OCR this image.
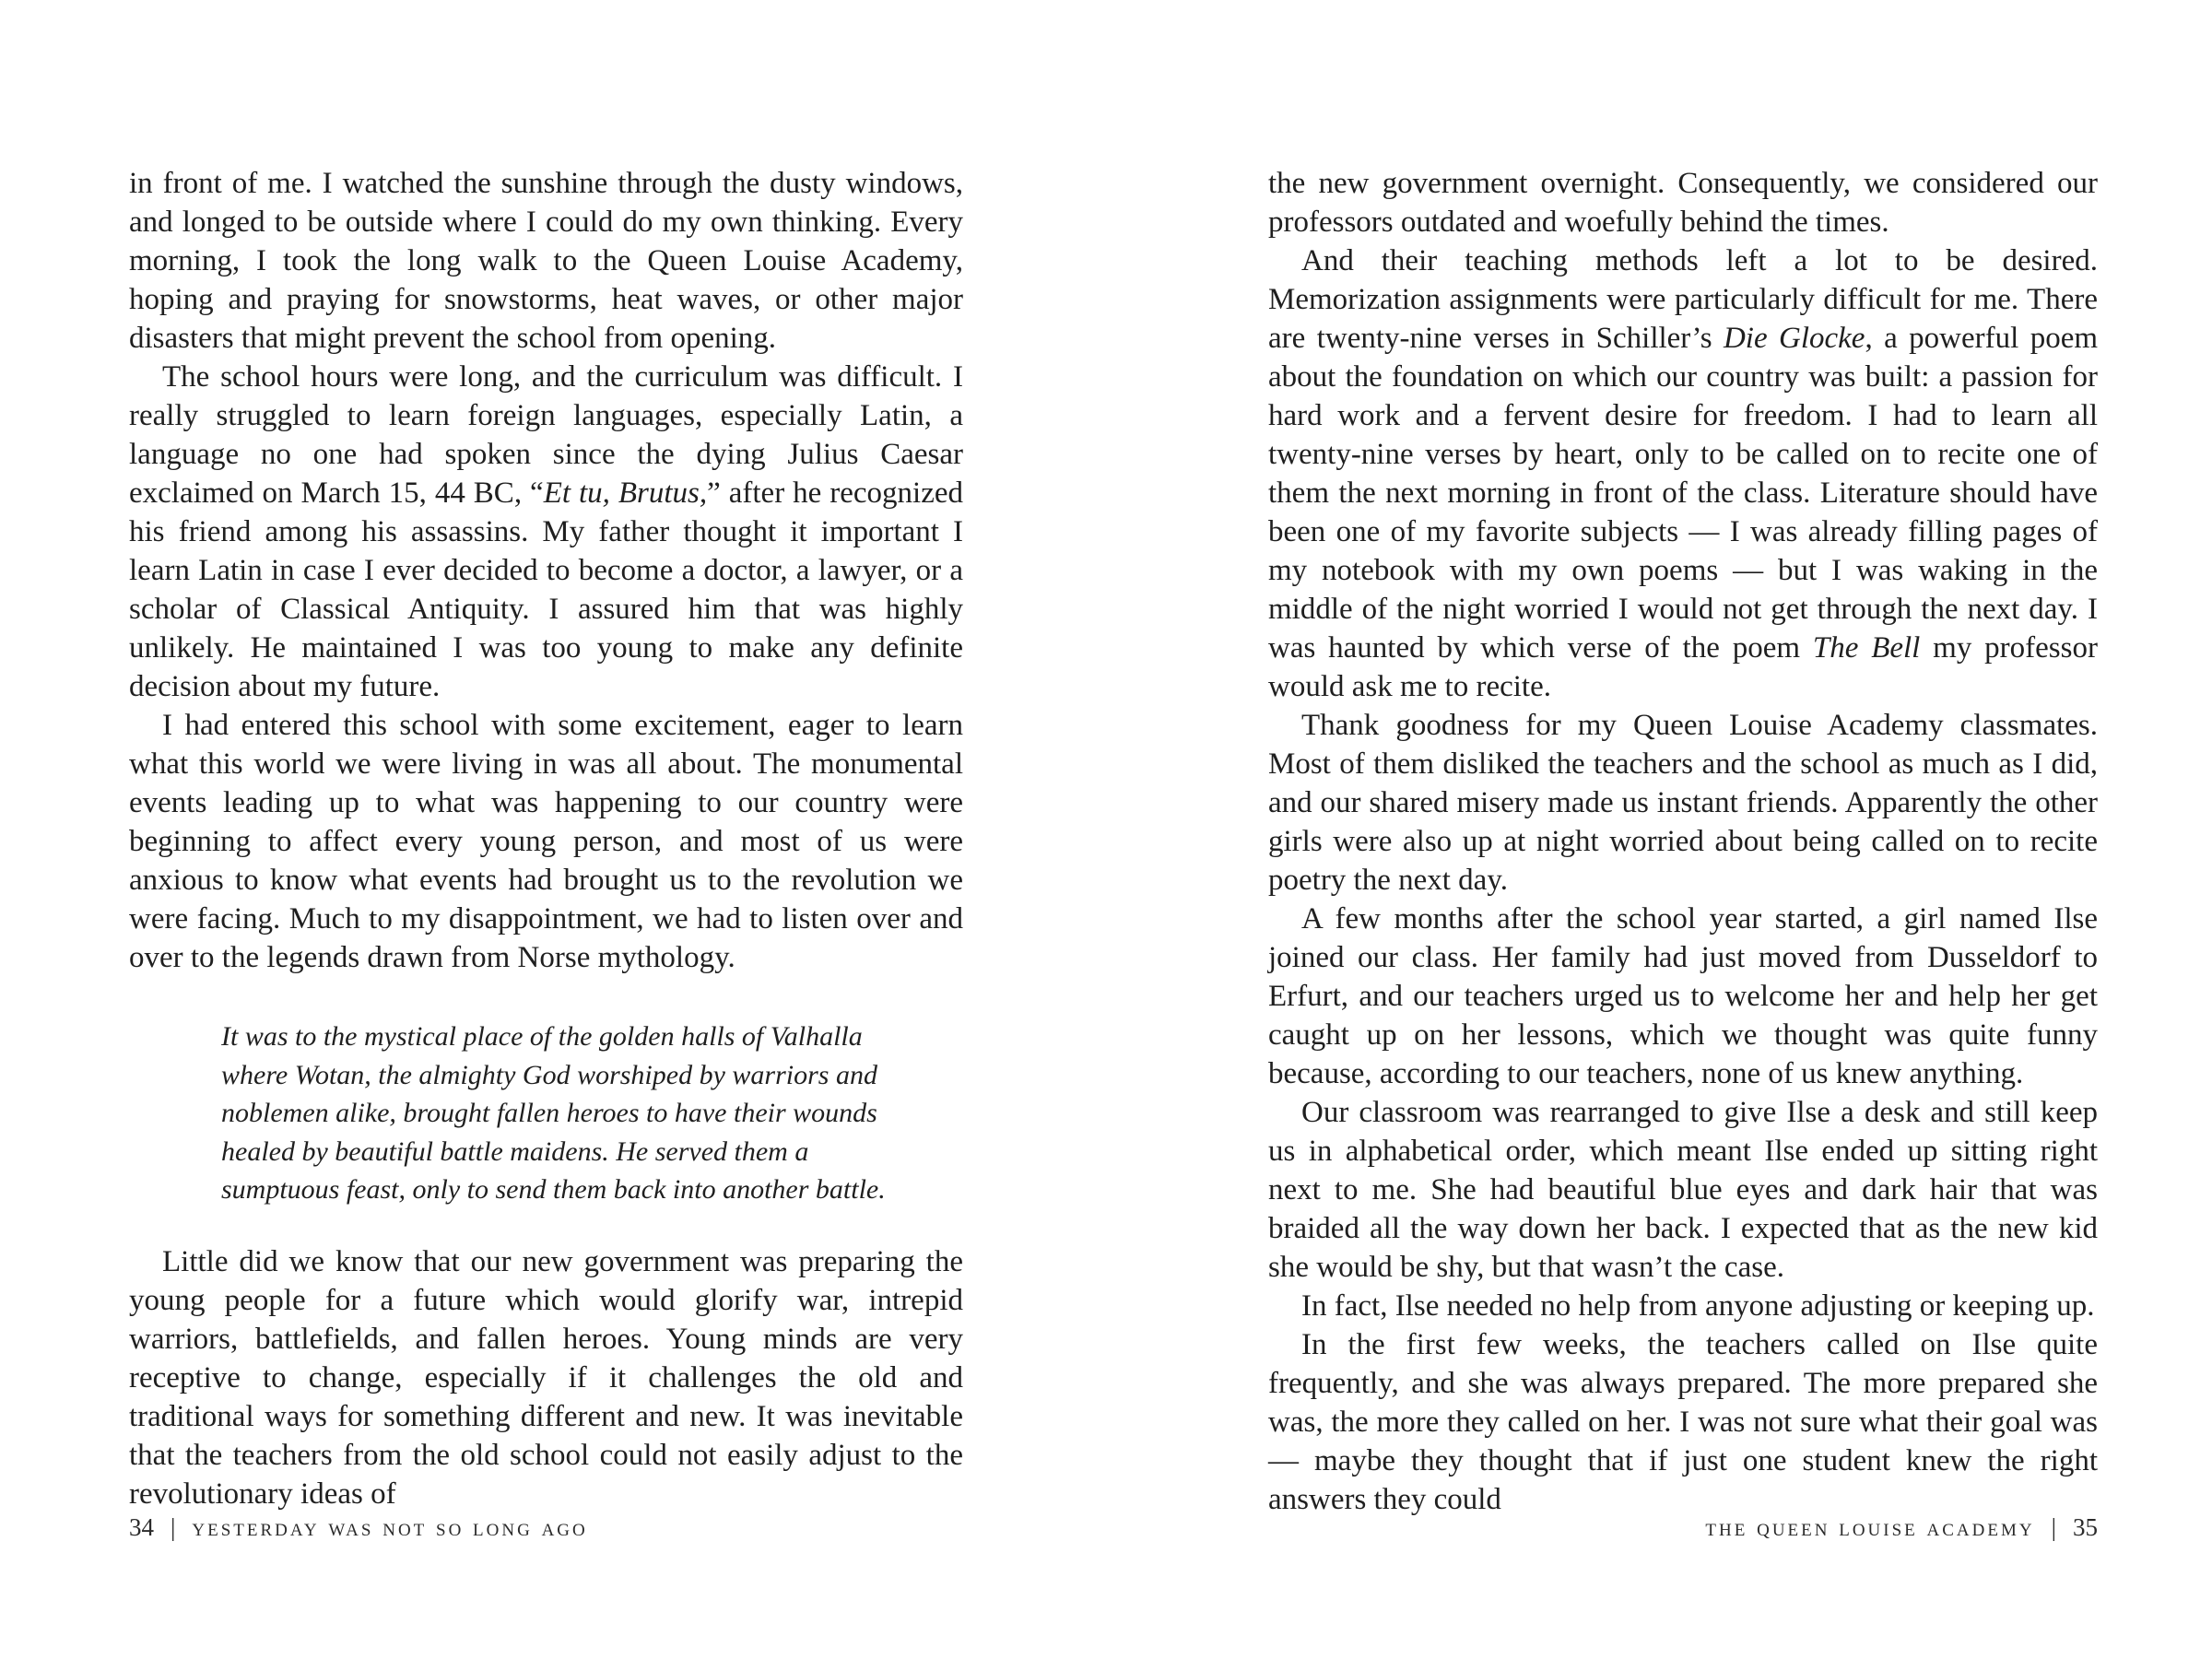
in front of me. I watched the sunshine through the dusty windows, and longed to be outside where I could do my own thinking. Every morning, I took the long walk to the Queen Louise Academy, hoping and praying for snowstorms, heat waves, or other major disasters that might prevent the school from opening.

The school hours were long, and the curriculum was difficult. I really struggled to learn foreign languages, especially Latin, a language no one had spoken since the dying Julius Caesar exclaimed on March 15, 44 BC, “Et tu, Brutus,” after he recognized his friend among his assassins. My father thought it important I learn Latin in case I ever decided to become a doctor, a lawyer, or a scholar of Classical Antiquity. I assured him that was highly unlikely. He maintained I was too young to make any definite decision about my future.

I had entered this school with some excitement, eager to learn what this world we were living in was all about. The monumental events leading up to what was happening to our country were beginning to affect every young person, and most of us were anxious to know what events had brought us to the revolution we were facing. Much to my disappointment, we had to listen over and over to the legends drawn from Norse mythology.

It was to the mystical place of the golden halls of Valhalla where Wotan, the almighty God worshiped by warriors and noblemen alike, brought fallen heroes to have their wounds healed by beautiful battle maidens. He served them a sumptuous feast, only to send them back into another battle.

Little did we know that our new government was preparing the young people for a future which would glorify war, intrepid warriors, battlefields, and fallen heroes. Young minds are very receptive to change, especially if it challenges the old and traditional ways for something different and new. It was inevitable that the teachers from the old school could not easily adjust to the revolutionary ideas of

34 | yesterday was not so long ago

the new government overnight. Consequently, we considered our professors outdated and woefully behind the times.

And their teaching methods left a lot to be desired. Memorization assignments were particularly difficult for me. There are twenty-nine verses in Schiller’s Die Glocke, a powerful poem about the foundation on which our country was built: a passion for hard work and a fervent desire for freedom. I had to learn all twenty-nine verses by heart, only to be called on to recite one of them the next morning in front of the class. Literature should have been one of my favorite subjects — I was already filling pages of my notebook with my own poems — but I was waking in the middle of the night worried I would not get through the next day. I was haunted by which verse of the poem The Bell my professor would ask me to recite.

Thank goodness for my Queen Louise Academy classmates. Most of them disliked the teachers and the school as much as I did, and our shared misery made us instant friends. Apparently the other girls were also up at night worried about being called on to recite poetry the next day.

A few months after the school year started, a girl named Ilse joined our class. Her family had just moved from Dusseldorf to Erfurt, and our teachers urged us to welcome her and help her get caught up on her lessons, which we thought was quite funny because, according to our teachers, none of us knew anything.

Our classroom was rearranged to give Ilse a desk and still keep us in alphabetical order, which meant Ilse ended up sitting right next to me. She had beautiful blue eyes and dark hair that was braided all the way down her back. I expected that as the new kid she would be shy, but that wasn’t the case.

In fact, Ilse needed no help from anyone adjusting or keeping up.

In the first few weeks, the teachers called on Ilse quite frequently, and she was always prepared. The more prepared she was, the more they called on her. I was not sure what their goal was — maybe they thought that if just one student knew the right answers they could

the queen louise academy | 35
